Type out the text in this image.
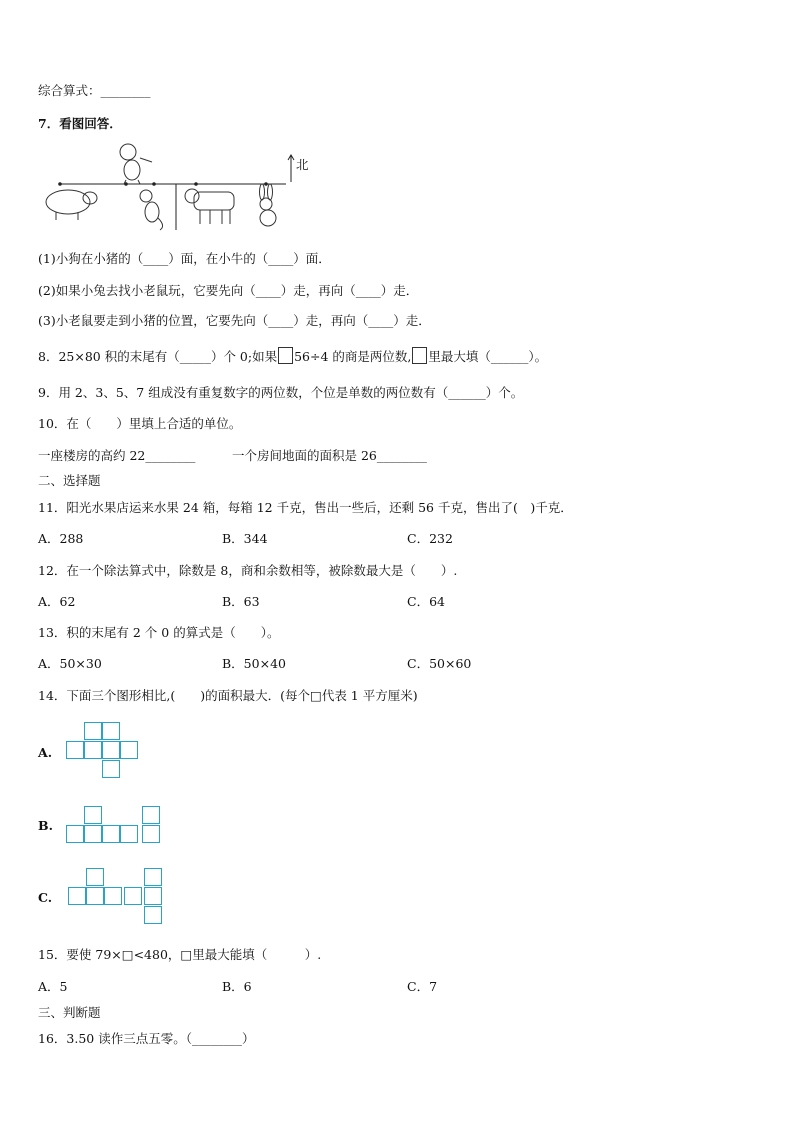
综合算式：________
7．看图回答．
北
(1)小狗在小猪的（____）面，在小牛的（____）面．
(2)如果小兔去找小老鼠玩，它要先向（____）走，再向（____）走．
(3)小老鼠要走到小猪的位置，它要先向（____）走，再向（____）走．
8．25×80 积的末尾有（_____）个 0;如果 56÷4 的商是两位数, 里最大填（______）。
9．用 2、3、5、7 组成没有重复数字的两位数，个位是单数的两位数有（______）个。
10．在（　　）里填上合适的单位。
一座楼房的高约 22________	一个房间地面的面积是 26________
二、选择题
11．阳光水果店运来水果 24 箱，每箱 12 千克，售出一些后，还剩 56 千克，售出了(　)千克．
A．288	B．344	C．232
12．在一个除法算式中，除数是 8，商和余数相等，被除数最大是（　　）.
A．62	B．63	C．64
13．积的末尾有 2 个 0 的算式是（　　）。
A．50×30	B．50×40	C．50×60
14．下面三个图形相比,(　　)的面积最大．(每个□代表 1 平方厘米)
A.
B.
C.
15．要使 79×□<480，□里最大能填（　　　）.
A．5	B．6	C．7
三、判断题
16．3.50 读作三点五零。（________）
